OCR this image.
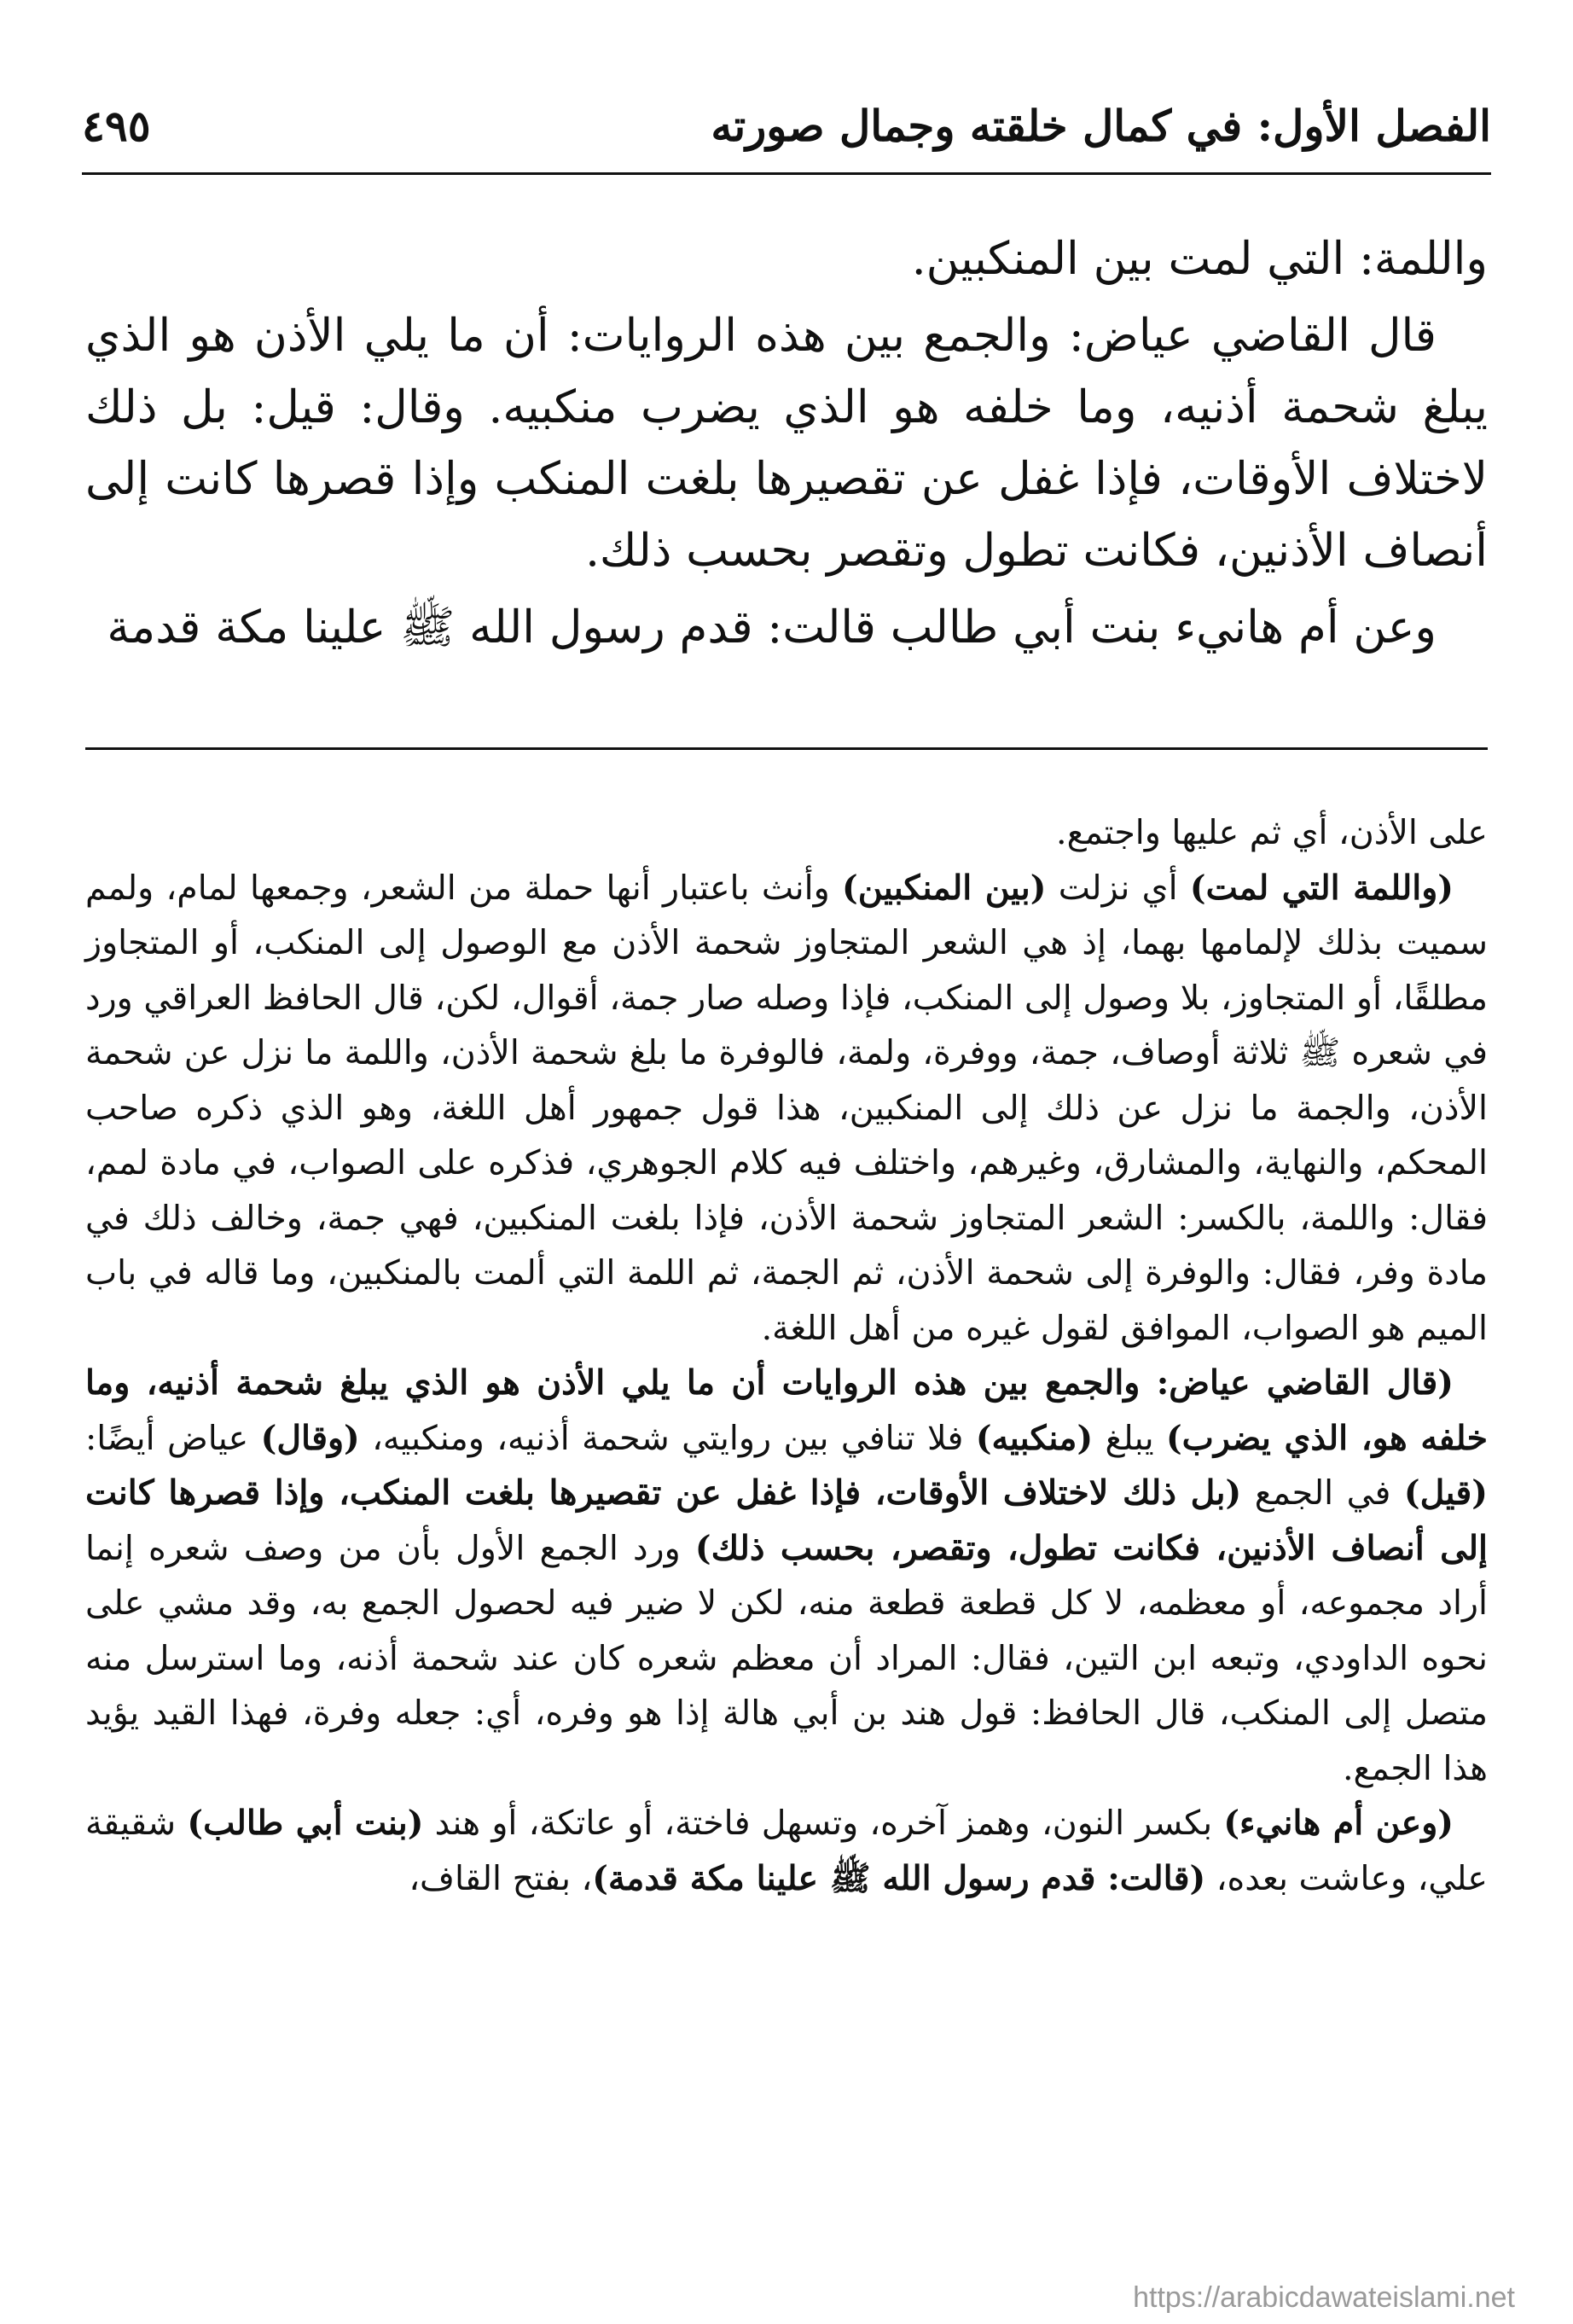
الفصل الأول: في كمال خلقته وجمال صورته
٤٩٥

واللمة: التي لمت بين المنكبين.

قال القاضي عياض: والجمع بين هذه الروايات: أن ما يلي الأذن هو الذي يبلغ شحمة أذنيه، وما خلفه هو الذي يضرب منكبيه. وقال: قيل: بل ذلك لاختلاف الأوقات، فإذا غفل عن تقصيرها بلغت المنكب وإذا قصرها كانت إلى أنصاف الأذنين، فكانت تطول وتقصر بحسب ذلك.

وعن أم هانيء بنت أبي طالب قالت: قدم رسول الله ﷺ علينا مكة قدمة

على الأذن، أي ثم عليها واجتمع.

(واللمة التي لمت) أي نزلت (بين المنكبين) وأنث باعتبار أنها حملة من الشعر، وجمعها لمام، ولمم سميت بذلك لإلمامها بهما، إذ هي الشعر المتجاوز شحمة الأذن مع الوصول إلى المنكب، أو المتجاوز مطلقًا، أو المتجاوز، بلا وصول إلى المنكب، فإذا وصله صار جمة، أقوال، لكن، قال الحافظ العراقي ورد في شعره ﷺ ثلاثة أوصاف، جمة، ووفرة، ولمة، فالوفرة ما بلغ شحمة الأذن، واللمة ما نزل عن شحمة الأذن، والجمة ما نزل عن ذلك إلى المنكبين، هذا قول جمهور أهل اللغة، وهو الذي ذكره صاحب المحكم، والنهاية، والمشارق، وغيرهم، واختلف فيه كلام الجوهري، فذكره على الصواب، في مادة لمم، فقال: واللمة، بالكسر: الشعر المتجاوز شحمة الأذن، فإذا بلغت المنكبين، فهي جمة، وخالف ذلك في مادة وفر، فقال: والوفرة إلى شحمة الأذن، ثم الجمة، ثم اللمة التي ألمت بالمنكبين، وما قاله في باب الميم هو الصواب، الموافق لقول غيره من أهل اللغة.

(قال القاضي عياض: والجمع بين هذه الروايات أن ما يلي الأذن هو الذي يبلغ شحمة أذنيه، وما خلفه هو، الذي يضرب) يبلغ (منكبيه) فلا تنافي بين روايتي شحمة أذنيه، ومنكبيه، (وقال) عياض أيضًا: (قيل) في الجمع (بل ذلك لاختلاف الأوقات، فإذا غفل عن تقصيرها بلغت المنكب، وإذا قصرها كانت إلى أنصاف الأذنين، فكانت تطول، وتقصر، بحسب ذلك) ورد الجمع الأول بأن من وصف شعره إنما أراد مجموعه، أو معظمه، لا كل قطعة قطعة منه، لكن لا ضير فيه لحصول الجمع به، وقد مشي على نحوه الداودي، وتبعه ابن التين، فقال: المراد أن معظم شعره كان عند شحمة أذنه، وما استرسل منه متصل إلى المنكب، قال الحافظ: قول هند بن أبي هالة إذا هو وفره، أي: جعله وفرة، فهذا القيد يؤيد هذا الجمع.

(وعن أم هانيء) بكسر النون، وهمز آخره، وتسهل فاختة، أو عاتكة، أو هند (بنت أبي طالب) شقيقة علي، وعاشت بعده، (قالت: قدم رسول الله ﷺ علينا مكة قدمة)، بفتح القاف،

https://arabicdawateislami.net
